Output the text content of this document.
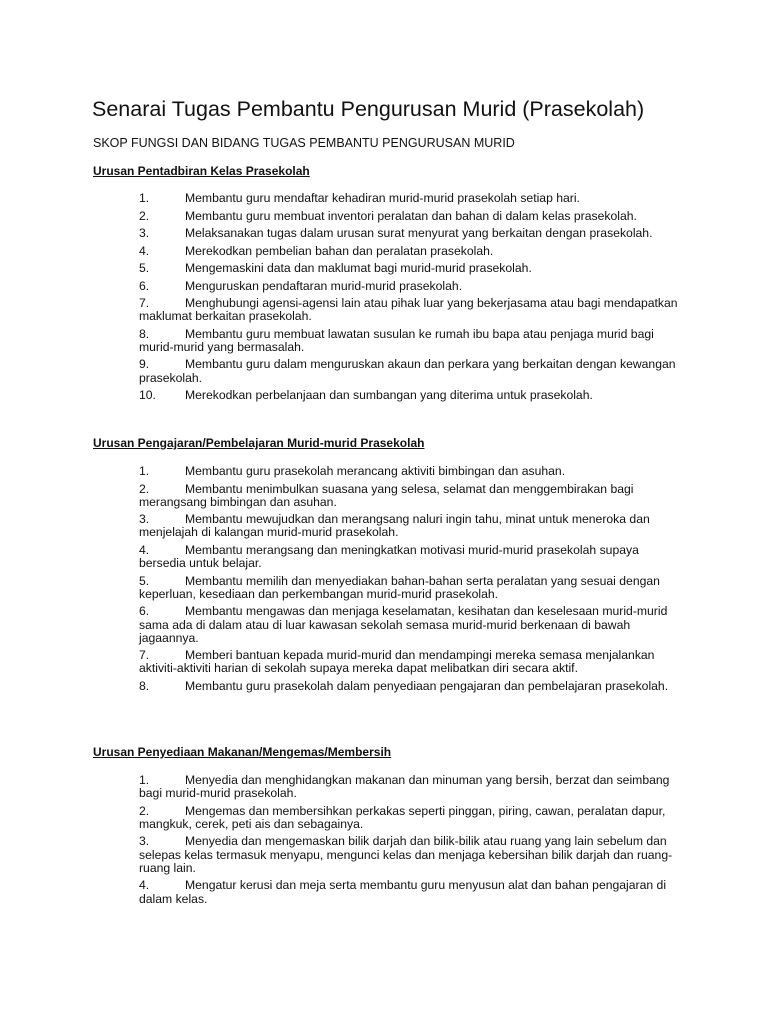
Senarai Tugas Pembantu Pengurusan Murid (Prasekolah)
SKOP FUNGSI DAN BIDANG TUGAS PEMBANTU PENGURUSAN MURID
Urusan Pentadbiran Kelas Prasekolah
1.	Membantu guru mendaftar kehadiran murid-murid prasekolah setiap hari.
2.	Membantu guru membuat inventori peralatan dan bahan di dalam kelas prasekolah.
3.	Melaksanakan tugas dalam urusan surat menyurat yang berkaitan dengan prasekolah.
4.	Merekodkan pembelian bahan dan peralatan prasekolah.
5.	Mengemaskini data dan maklumat bagi murid-murid prasekolah.
6.	Menguruskan pendaftaran murid-murid prasekolah.
7.	Menghubungi agensi-agensi lain atau pihak luar yang bekerjasama atau bagi mendapatkan maklumat berkaitan prasekolah.
8.	Membantu guru membuat lawatan susulan ke rumah ibu bapa atau penjaga murid bagi murid-murid yang bermasalah.
9.	Membantu guru dalam menguruskan akaun dan perkara yang berkaitan dengan kewangan prasekolah.
10. Merekodkan perbelanjaan dan sumbangan yang diterima untuk prasekolah.
Urusan Pengajaran/Pembelajaran Murid-murid Prasekolah
1.	Membantu guru prasekolah merancang aktiviti bimbingan dan asuhan.
2.	Membantu menimbulkan suasana yang selesa, selamat dan menggembirakan bagi merangsang bimbingan dan asuhan.
3.	Membantu mewujudkan dan merangsang naluri ingin tahu, minat untuk meneroka dan menjelajah di kalangan murid-murid prasekolah.
4.	Membantu merangsang dan meningkatkan motivasi murid-murid prasekolah supaya bersedia untuk belajar.
5.	Membantu memilih dan menyediakan bahan-bahan serta peralatan yang sesuai dengan keperluan, kesediaan dan perkembangan murid-murid prasekolah.
6.	Membantu mengawas dan menjaga keselamatan, kesihatan dan keselesaan murid-murid sama ada di dalam atau di luar kawasan sekolah semasa murid-murid berkenaan di bawah jagaannya.
7.	Memberi bantuan kepada murid-murid dan mendampingi mereka semasa menjalankan aktiviti-aktiviti harian di sekolah supaya mereka dapat melibatkan diri secara aktif.
8.	Membantu guru prasekolah dalam penyediaan pengajaran dan pembelajaran prasekolah.
Urusan Penyediaan Makanan/Mengemas/Membersih
1.	Menyedia dan menghidangkan makanan dan minuman yang bersih, berzat dan seimbang bagi murid-murid prasekolah.
2.	Mengemas dan membersihkan perkakas seperti pinggan, piring, cawan, peralatan dapur, mangkuk, cerek, peti ais dan sebagainya.
3.	Menyedia dan mengemaskan bilik darjah dan bilik-bilik atau ruang yang lain sebelum dan selepas kelas termasuk menyapu, mengunci kelas dan menjaga kebersihan bilik darjah dan ruang-ruang lain.
4.	Mengatur kerusi dan meja serta membantu guru menyusun alat dan bahan pengajaran di dalam kelas.
